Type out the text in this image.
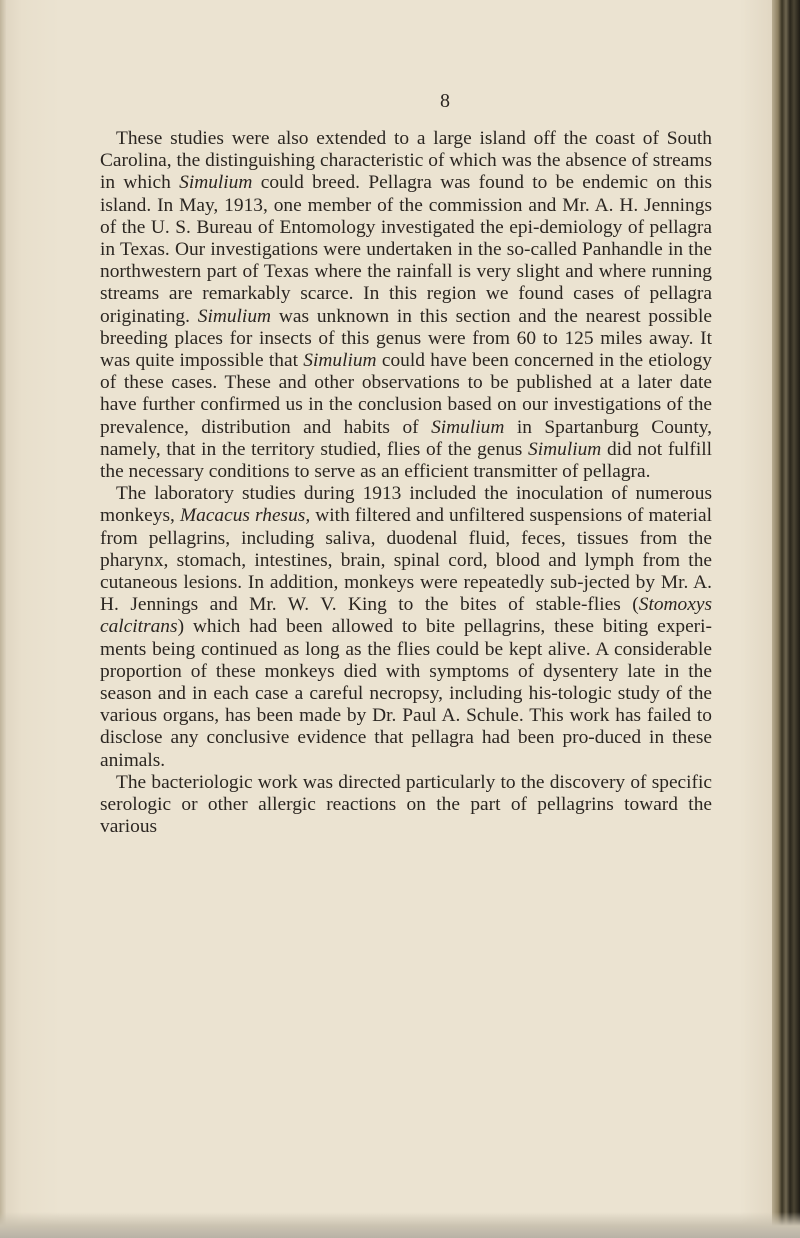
8

These studies were also extended to a large island off the coast of South Carolina, the distinguishing characteristic of which was the absence of streams in which Simulium could breed. Pellagra was found to be endemic on this island. In May, 1913, one member of the commission and Mr. A. H. Jennings of the U. S. Bureau of Entomology investigated the epi-demiology of pellagra in Texas. Our investigations were undertaken in the so-called Panhandle in the northwestern part of Texas where the rainfall is very slight and where running streams are remarkably scarce. In this region we found cases of pellagra originating. Simulium was unknown in this section and the nearest possible breeding places for insects of this genus were from 60 to 125 miles away. It was quite impossible that Simulium could have been concerned in the etiology of these cases. These and other observations to be published at a later date have further confirmed us in the conclusion based on our investigations of the prevalence, distribution and habits of Simulium in Spartanburg County, namely, that in the territory studied, flies of the genus Simulium did not fulfill the necessary conditions to serve as an efficient transmitter of pellagra.

The laboratory studies during 1913 included the inoculation of numerous monkeys, Macacus rhesus, with filtered and unfiltered suspensions of material from pellagrins, including saliva, duodenal fluid, feces, tissues from the pharynx, stomach, intestines, brain, spinal cord, blood and lymph from the cutaneous lesions. In addition, monkeys were repeatedly sub-jected by Mr. A. H. Jennings and Mr. W. V. King to the bites of stable-flies (Stomoxys calcitrans) which had been allowed to bite pellagrins, these biting experi-ments being continued as long as the flies could be kept alive. A considerable proportion of these monkeys died with symptoms of dysentery late in the season and in each case a careful necropsy, including his-tologic study of the various organs, has been made by Dr. Paul A. Schule. This work has failed to disclose any conclusive evidence that pellagra had been pro-duced in these animals.

The bacteriologic work was directed particularly to the discovery of specific serologic or other allergic reactions on the part of pellagrins toward the various
